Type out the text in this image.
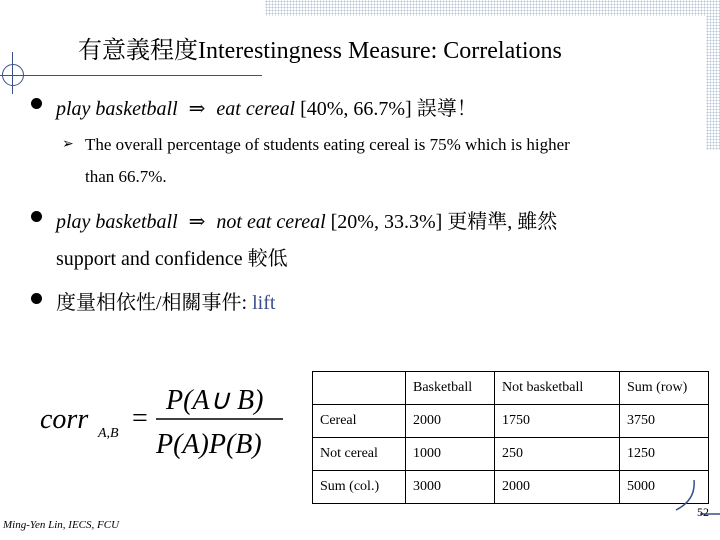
有意義程度Interestingness Measure: Correlations
play basketball ⇒ eat cereal [40%, 66.7%] 誤導！
➢ The overall percentage of students eating cereal is 75% which is higher
than 66.7%.
play basketball ⇒ not eat cereal [20%, 33.3%] 更精準, 雖然
support and confidence 較低
度量相依性/相關事件: lift
corr A,B =
P(A∪ B)
P(A)P(B)
	Basketball	Not basketball	Sum (row)
Cereal	2000	1750	3750
Not cereal	1000	250	1250
Sum (col.)	3000	2000	5000
52
Ming-Yen Lin, IECS, FCU
